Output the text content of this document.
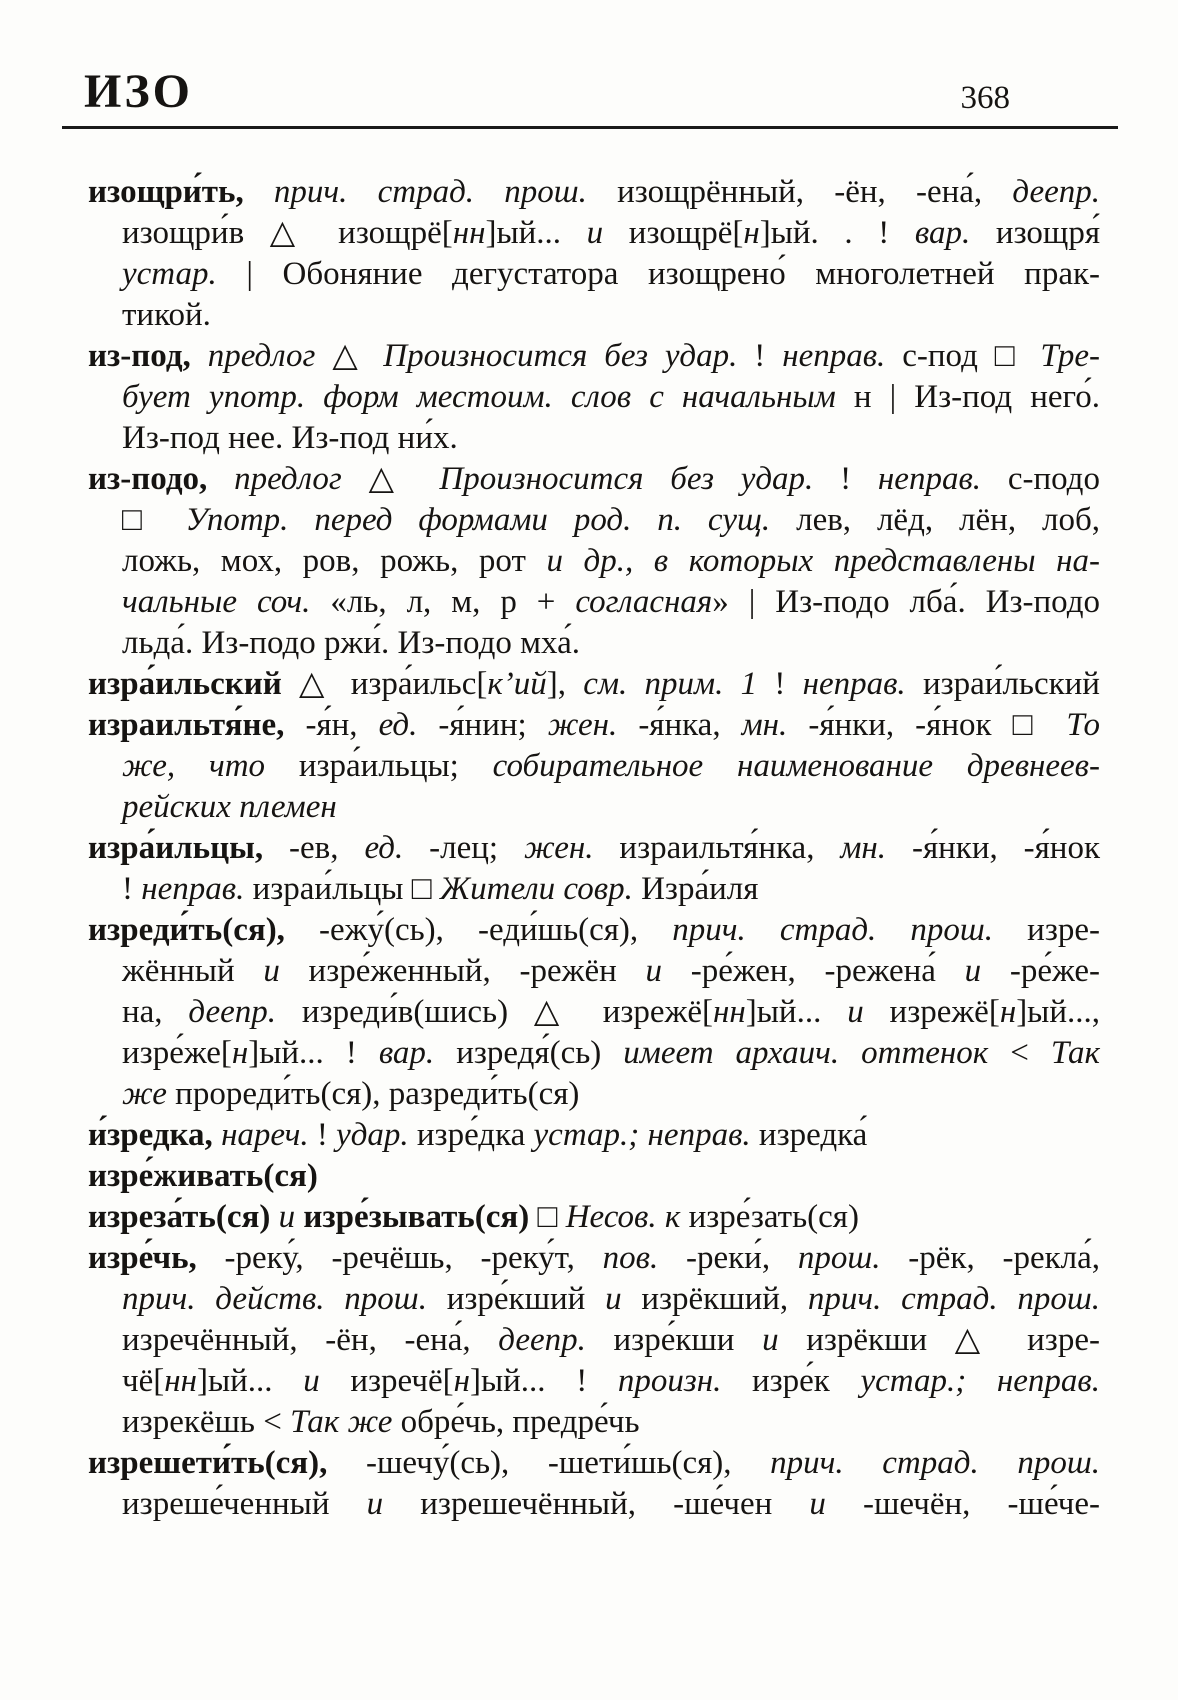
ИЗО	368
изощри́ть, прич. страд. прош. изощрённый, -ён, -ена́, деепр.
изощри́в △ изощрё[нн]ый... и изощрё[н]ый. . ! вар. изощря́
устар. | Обоняние дегустатора изощрено́ многолетней прак-
тикой.
из-под, предлог △ Произносится без удар. ! неправ. с-под □ Тре-
бует употр. форм местоим. слов с начальным н | Из-под него́.
Из-под нее. Из-под ни́х.
из-подо, предлог △ Произносится без удар. ! неправ. с-подо
□ Употр. перед формами род. п. сущ. лев, лёд, лён, лоб,
ложь, мох, ров, рожь, рот и др., в которых представлены на-
чальные соч. «ль, л, м, р + согласная» | Из-подо лба́. Из-подо
льда́. Из-подо ржи́. Из-подо мха́.
изра́ильский △ изра́ильс[к’ий], см. прим. 1 ! неправ. израи́льский
израильтя́не, -я́н, ед. -я́нин; жен. -я́нка, мн. -я́нки, -я́нок □ То
же, что изра́ильцы; собирательное наименование древнеев-
рейских племен
изра́ильцы, -ев, ед. -лец; жен. израильтя́нка, мн. -я́нки, -я́нок
! неправ. израи́льцы □ Жители совр. Изра́иля
изреди́ть(ся), -ежу́(сь), -еди́шь(ся), прич. страд. прош. изре-
жённый и изре́женный, -режён и -ре́жен, -режена́ и -ре́же-
на, деепр. изреди́в(шись) △ изрежё[нн]ый... и изрежё[н]ый...,
изре́же[н]ый... ! вар. изредя́(сь) имеет архаич. оттенок < Так
же прореди́ть(ся), разреди́ть(ся)
и́зредка, нареч. ! удар. изре́дка устар.; неправ. изредка́
изре́живать(ся)
изреза́ть(ся) и изре́зывать(ся) □ Несов. к изре́зать(ся)
изре́чь, -реку́, -речёшь, -реку́т, пов. -реки́, прош. -рёк, -рекла́,
прич. действ. прош. изре́кший и изрёкший, прич. страд. прош.
изречённый, -ён, -ена́, деепр. изре́кши и изрёкши △ изре-
чё[нн]ый... и изречё[н]ый... ! произн. изре́к устар.; неправ.
изрекёшь < Так же обре́чь, предре́чь
изрешети́ть(ся), -шечу́(сь), -шети́шь(ся), прич. страд. прош.
изреше́ченный и изрешечённый, -ше́чен и -шечён, -ше́че-
